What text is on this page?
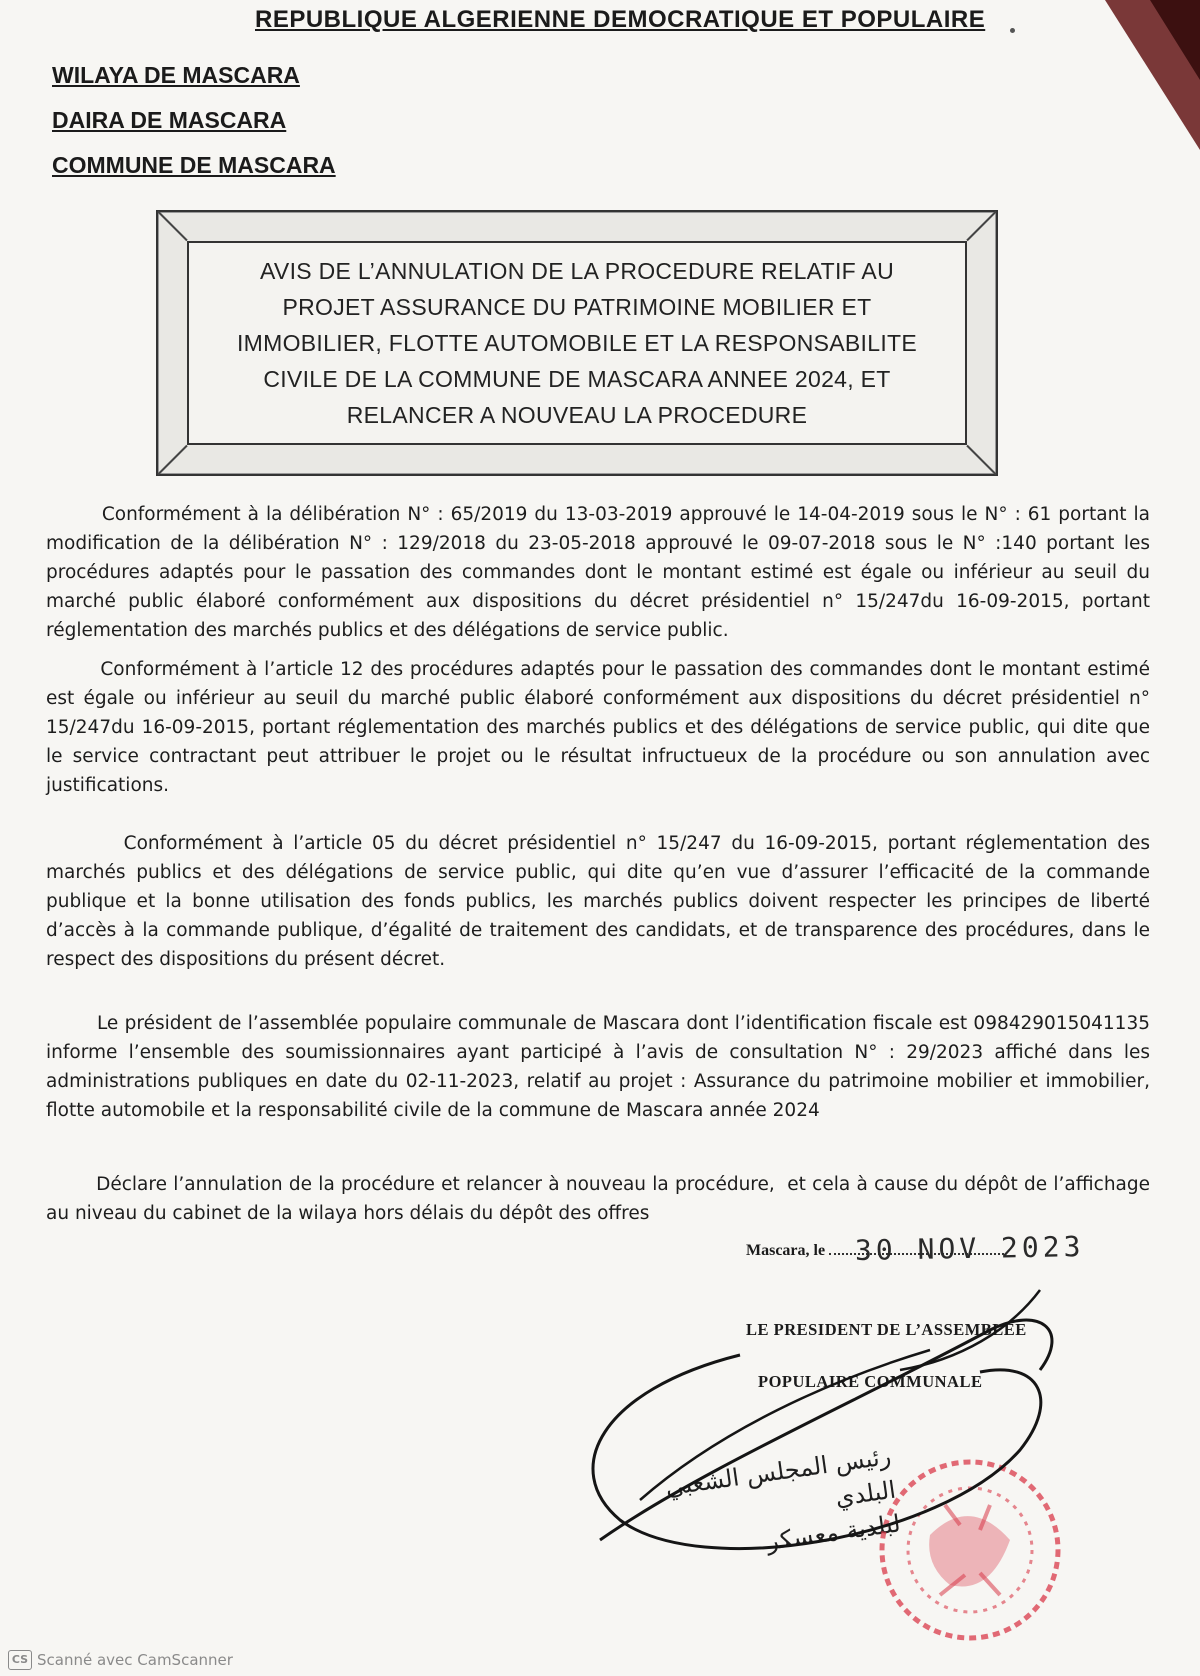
REPUBLIQUE ALGERIENNE DEMOCRATIQUE ET POPULAIRE
WILAYA DE MASCARA
DAIRA DE MASCARA
COMMUNE DE MASCARA
AVIS DE L’ANNULATION DE LA PROCEDURE RELATIF AU
PROJET ASSURANCE DU PATRIMOINE MOBILIER ET
IMMOBILIER, FLOTTE AUTOMOBILE ET LA RESPONSABILITE
CIVILE DE LA COMMUNE DE MASCARA ANNEE 2024, ET
RELANCER A NOUVEAU LA PROCEDURE

Conformément à la délibération N° : 65/2019 du 13-03-2019 approuvé le 14-04-2019 sous le N° : 61 portant la modification de la délibération N° : 129/2018 du 23-05-2018 approuvé le 09-07-2018 sous le N° :140 portant les procédures adaptés pour le passation des commandes dont le montant estimé est égale ou inférieur au seuil du marché public élaboré conformément aux dispositions du décret présidentiel n° 15/247du 16-09-2015, portant réglementation des marchés publics et des délégations de service public.

Conformément à l’article 12 des procédures adaptés pour le passation des commandes dont le montant estimé est égale ou inférieur au seuil du marché public élaboré conformément aux dispositions du décret présidentiel n° 15/247du 16-09-2015, portant réglementation des marchés publics et des délégations de service public, qui dite que le service contractant peut attribuer le projet ou le résultat infructueux de la procédure ou son annulation avec justifications.

Conformément à l’article 05 du décret présidentiel n° 15/247 du 16-09-2015, portant réglementation des marchés publics et des délégations de service public, qui dite qu’en vue d’assurer l’efficacité de la commande publique et la bonne utilisation des fonds publics, les marchés publics doivent respecter les principes de liberté d’accès à la commande publique, d’égalité de traitement des candidats, et de transparence des procédures, dans le respect des dispositions du présent décret.

Le président de l’assemblée populaire communale de Mascara dont l’identification fiscale est 098429015041135 informe l’ensemble des soumissionnaires ayant participé à l’avis de consultation N° : 29/2023 affiché dans les administrations publiques en date du 02-11-2023, relatif au projet : Assurance du patrimoine mobilier et immobilier, flotte automobile et la responsabilité civile de la commune de Mascara année 2024

Déclare l’annulation de la procédure et relancer à nouveau la procédure,  et cela à cause du dépôt de l’affichage au niveau du cabinet de la wilaya hors délais du dépôt des offres

Mascara, le	30 NOV 2023
LE PRESIDENT DE L’ASSEMBLEE
POPULAIRE COMMUNALE
رئيس المجلس الشعبي البلدي
لبلدية معسكر
CS Scanné avec CamScanner
